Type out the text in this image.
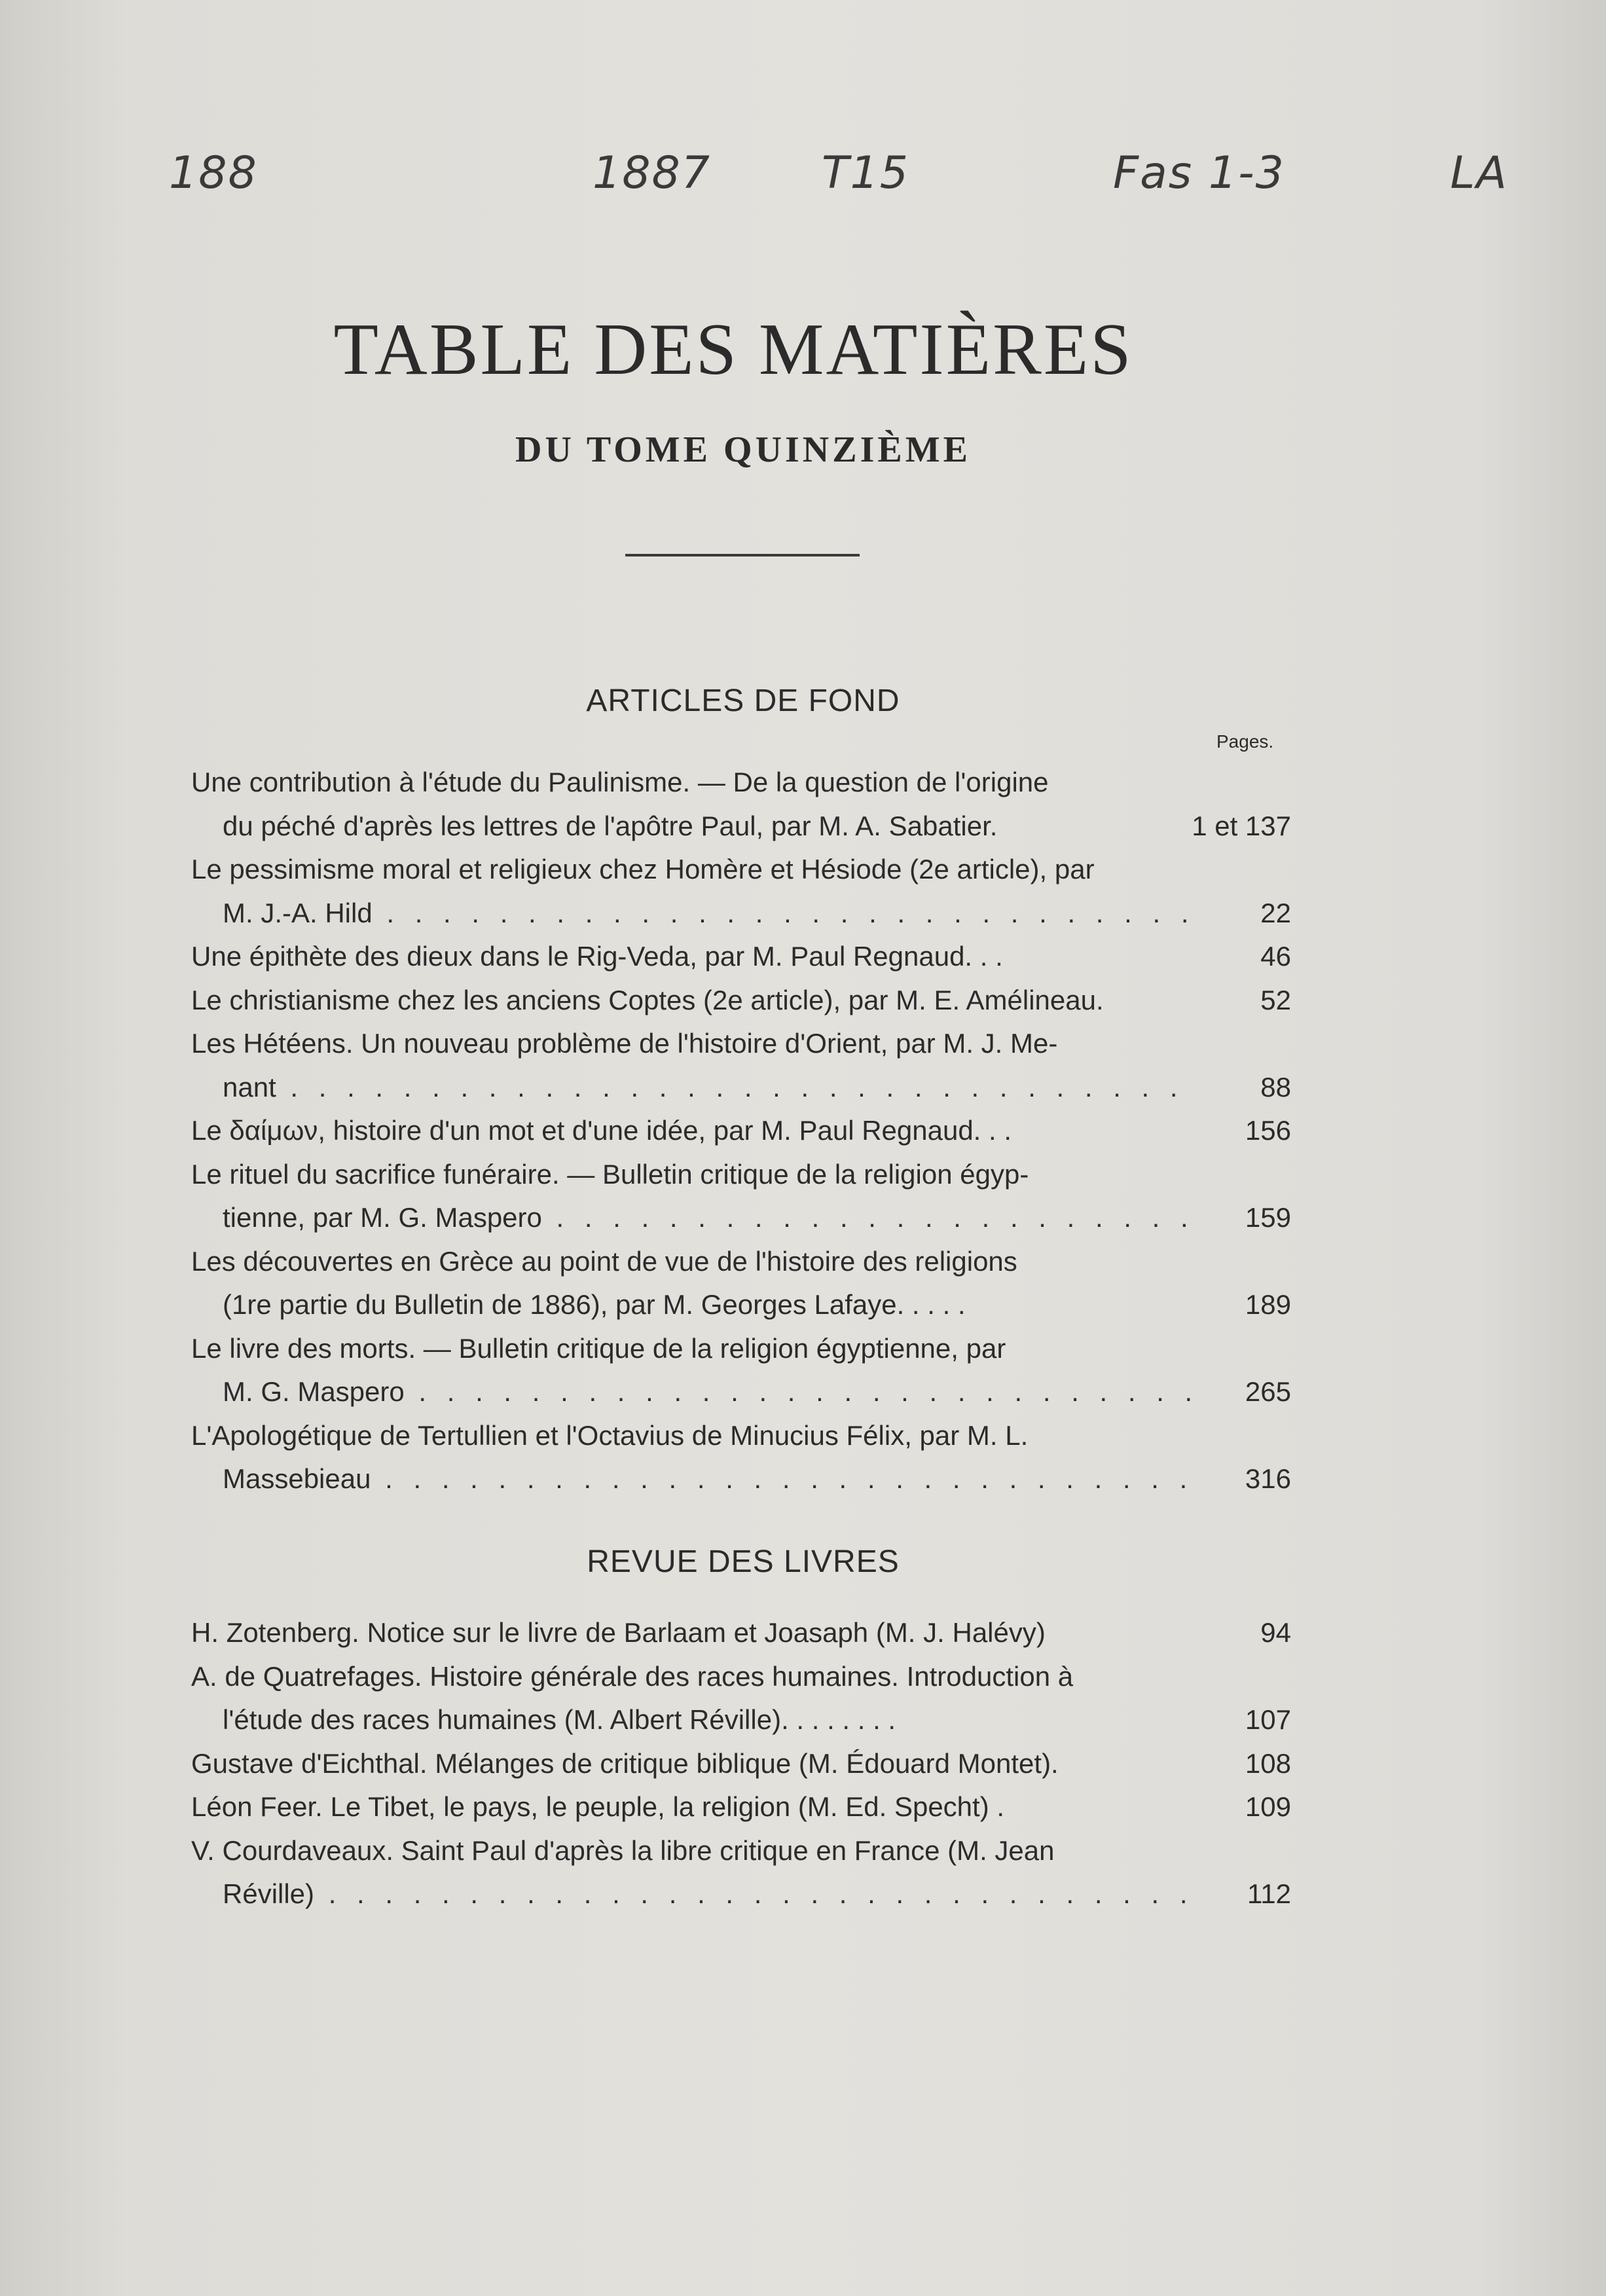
188	1887 T15	Fas 1-3	LA
TABLE DES MATIÈRES
DU TOME QUINZIÈME
ARTICLES DE FOND
Pages.
Une contribution à l'étude du Paulinisme. — De la question de l'origine
du péché d'après les lettres de l'apôtre Paul, par M. A. Sabatier.	1 et 137
Le pessimisme moral et religieux chez Homère et Hésiode (2e article), par
M. J.-A. Hild . . .	22
Une épithète des dieux dans le Rig-Veda, par M. Paul Regnaud. . .	46
Le christianisme chez les anciens Coptes (2e article), par M. E. Amélineau.	52
Les Hétéens. Un nouveau problème de l'histoire d'Orient, par M. J. Me-
nant . . .	88
Le δαίμων, histoire d'un mot et d'une idée, par M. Paul Regnaud. . .	156
Le rituel du sacrifice funéraire. — Bulletin critique de la religion égyp-
tienne, par M. G. Maspero . . .	159
Les découvertes en Grèce au point de vue de l'histoire des religions
(1re partie du Bulletin de 1886), par M. Georges Lafaye. . . . .	189
Le livre des morts. — Bulletin critique de la religion égyptienne, par
M. G. Maspero . . .	265
L'Apologétique de Tertullien et l'Octavius de Minucius Félix, par M. L.
Massebieau . . .	316
REVUE DES LIVRES
H. Zotenberg. Notice sur le livre de Barlaam et Joasaph (M. J. Halévy)	94
A. de Quatrefages. Histoire générale des races humaines. Introduction à
l'étude des races humaines (M. Albert Réville). . . . . . . .	107
Gustave d'Eichthal. Mélanges de critique biblique (M. Édouard Montet).	108
Léon Feer. Le Tibet, le pays, le peuple, la religion (M. Ed. Specht) .	109
V. Courdaveaux. Saint Paul d'après la libre critique en France (M. Jean
Réville) . . .	112
